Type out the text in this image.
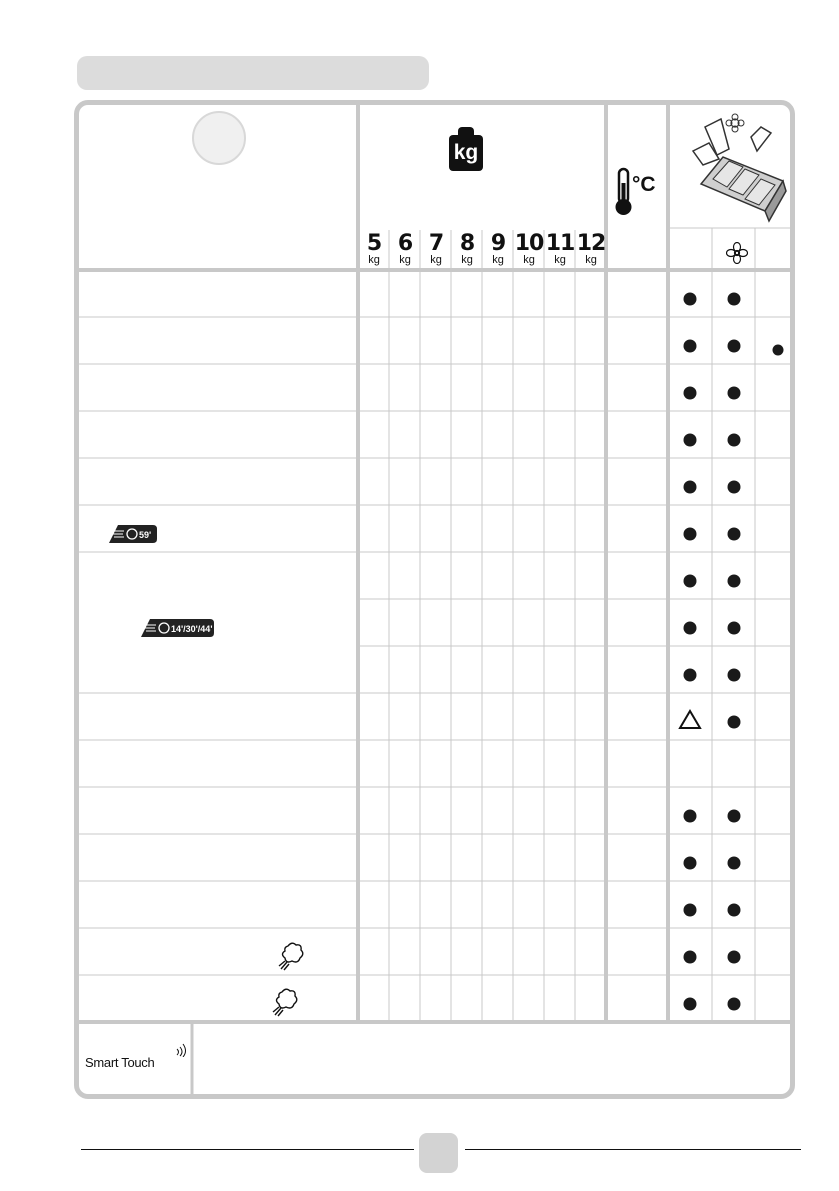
kg
5
kg
6
kg
7
kg
8
kg
9
kg
10
kg
11
kg
12
kg
°C
59'
14'/30'/44'
Smart Touch
